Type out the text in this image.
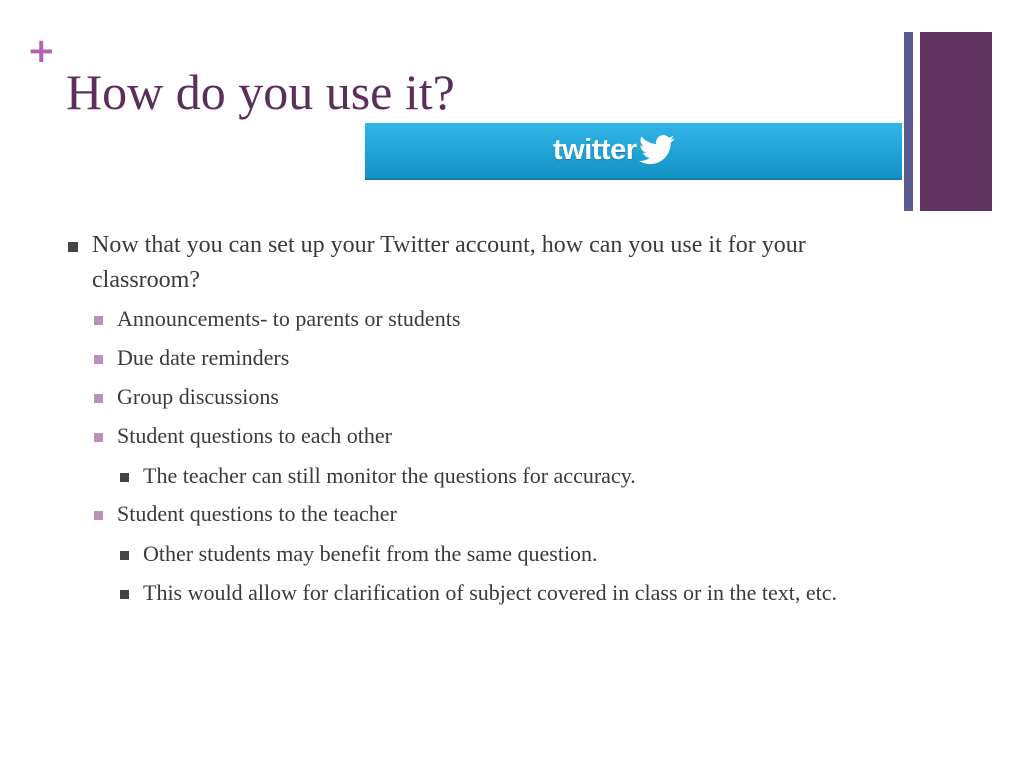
+
How do you use it?
twitter
Now that you can set up your Twitter account, how can you use it for your classroom?
Announcements- to parents or students
Due date reminders
Group discussions
Student questions to each other
The teacher can still monitor the questions for accuracy.
Student questions to the teacher
Other students may benefit from the same question.
This would allow for clarification of subject covered in class or in the text, etc.
